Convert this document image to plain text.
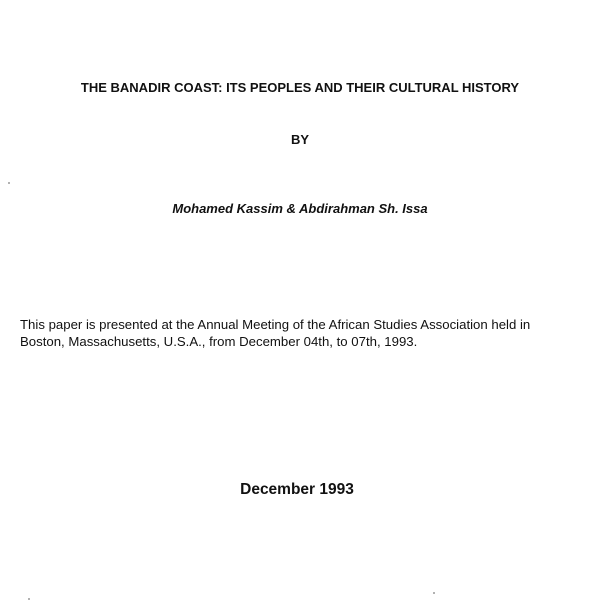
THE BANADIR COAST: ITS PEOPLES AND THEIR CULTURAL HISTORY
BY
Mohamed Kassim & Abdirahman Sh. Issa
This paper is presented at the Annual Meeting of the African Studies Association held in
Boston, Massachusetts, U.S.A., from December 04th, to 07th, 1993.
December 1993
